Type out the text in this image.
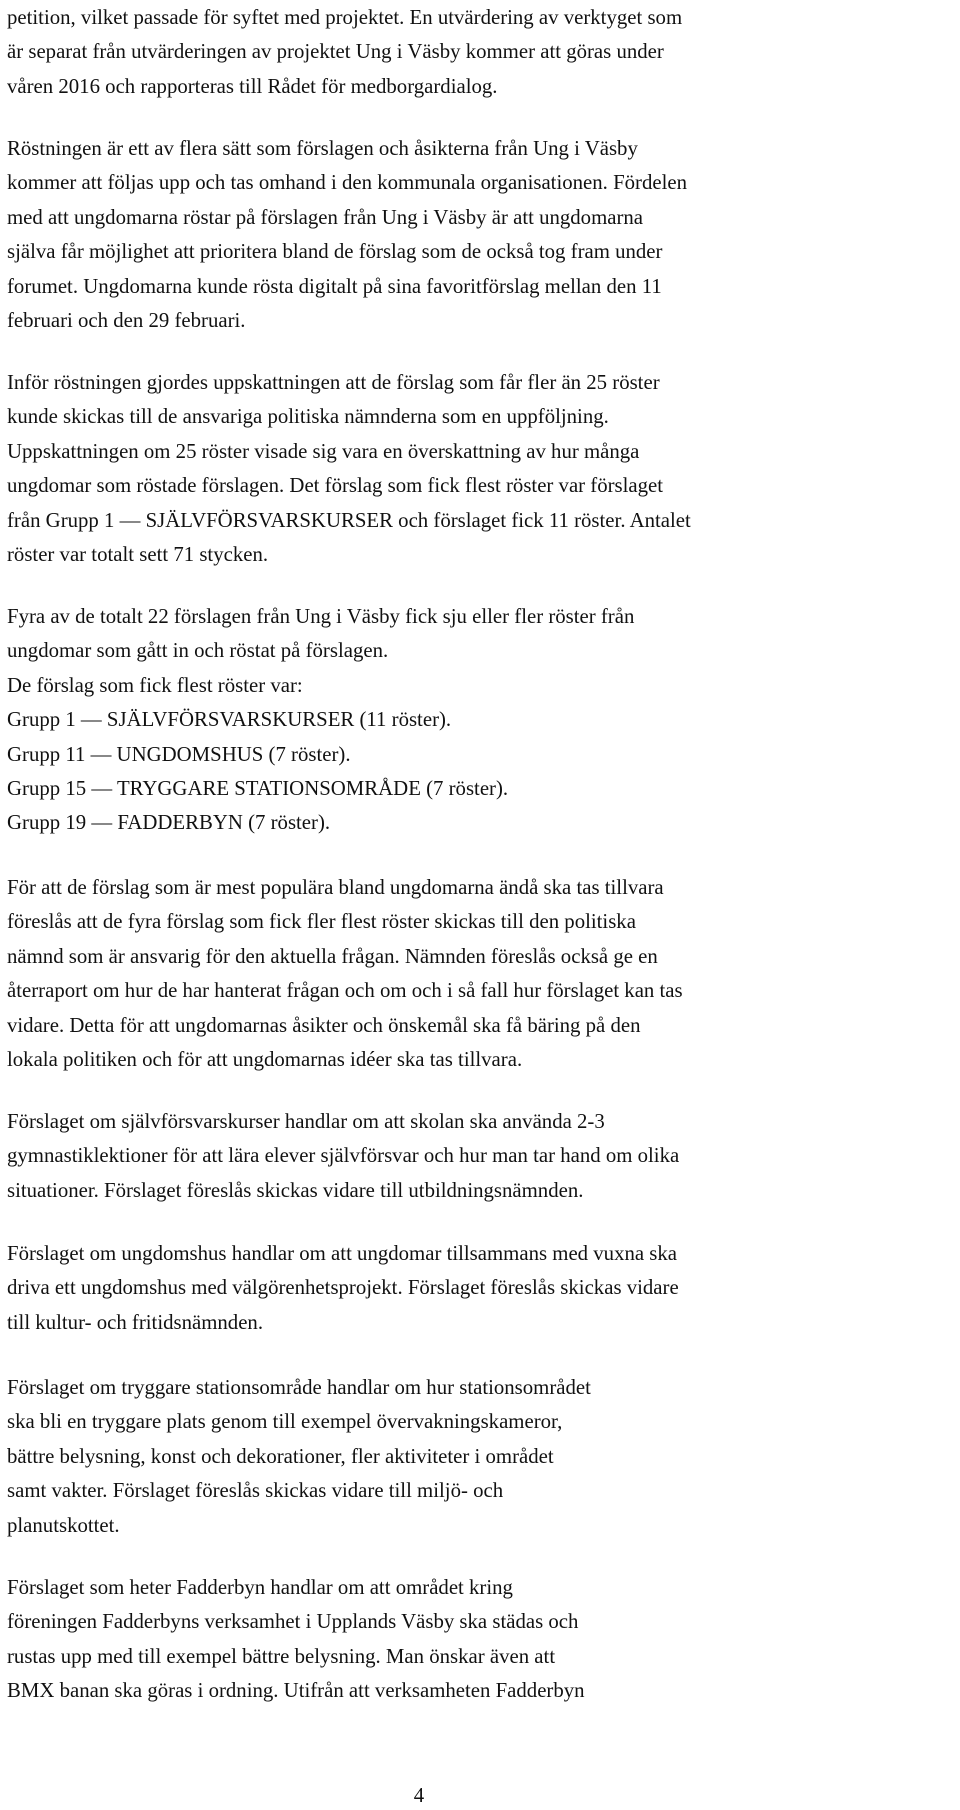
petition, vilket passade för syftet med projektet. En utvärdering av verktyget som
är separat från utvärderingen av projektet Ung i Väsby kommer att göras under
våren 2016 och rapporteras till Rådet för medborgardialog.
Röstningen är ett av flera sätt som förslagen och åsikterna från Ung i Väsby
kommer att följas upp och tas omhand i den kommunala organisationen. Fördelen
med att ungdomarna röstar på förslagen från Ung i Väsby är att ungdomarna
själva får möjlighet att prioritera bland de förslag som de också tog fram under
forumet. Ungdomarna kunde rösta digitalt på sina favoritförslag mellan den 11
februari och den 29 februari.
Inför röstningen gjordes uppskattningen att de förslag som får fler än 25 röster
kunde skickas till de ansvariga politiska nämnderna som en uppföljning.
Uppskattningen om 25 röster visade sig vara en överskattning av hur många
ungdomar som röstade förslagen. Det förslag som fick flest röster var förslaget
från Grupp 1 — SJÄLVFÖRSVARSKURSER och förslaget fick 11 röster. Antalet
röster var totalt sett 71 stycken.
Fyra av de totalt 22 förslagen från Ung i Väsby fick sju eller fler röster från
ungdomar som gått in och röstat på förslagen.
De förslag som fick flest röster var:
Grupp 1 — SJÄLVFÖRSVARSKURSER (11 röster).
Grupp 11 — UNGDOMSHUS (7 röster).
Grupp 15 — TRYGGARE STATIONSOMRÅDE (7 röster).
Grupp 19 — FADDERBYN (7 röster).
För att de förslag som är mest populära bland ungdomarna ändå ska tas tillvara
föreslås att de fyra förslag som fick fler flest röster skickas till den politiska
nämnd som är ansvarig för den aktuella frågan. Nämnden föreslås också ge en
återraport om hur de har hanterat frågan och om och i så fall hur förslaget kan tas
vidare. Detta för att ungdomarnas åsikter och önskemål ska få bäring på den
lokala politiken och för att ungdomarnas idéer ska tas tillvara.
Förslaget om självförsvarskurser handlar om att skolan ska använda 2-3
gymnastiklektioner för att lära elever självförsvar och hur man tar hand om olika
situationer. Förslaget föreslås skickas vidare till utbildningsnämnden.
Förslaget om ungdomshus handlar om att ungdomar tillsammans med vuxna ska
driva ett ungdomshus med välgörenhetsprojekt. Förslaget föreslås skickas vidare
till kultur- och fritidsnämnden.
Förslaget om tryggare stationsområde handlar om hur stationsområdet
ska bli en tryggare plats genom till exempel övervakningskameror,
bättre belysning, konst och dekorationer, fler aktiviteter i området
samt vakter. Förslaget föreslås skickas vidare till miljö- och
planutskottet.
Förslaget som heter Fadderbyn handlar om att området kring
föreningen Fadderbyns verksamhet i Upplands Väsby ska städas och
rustas upp med till exempel bättre belysning. Man önskar även att
BMX banan ska göras i ordning. Utifrån att verksamheten Fadderbyn
4
